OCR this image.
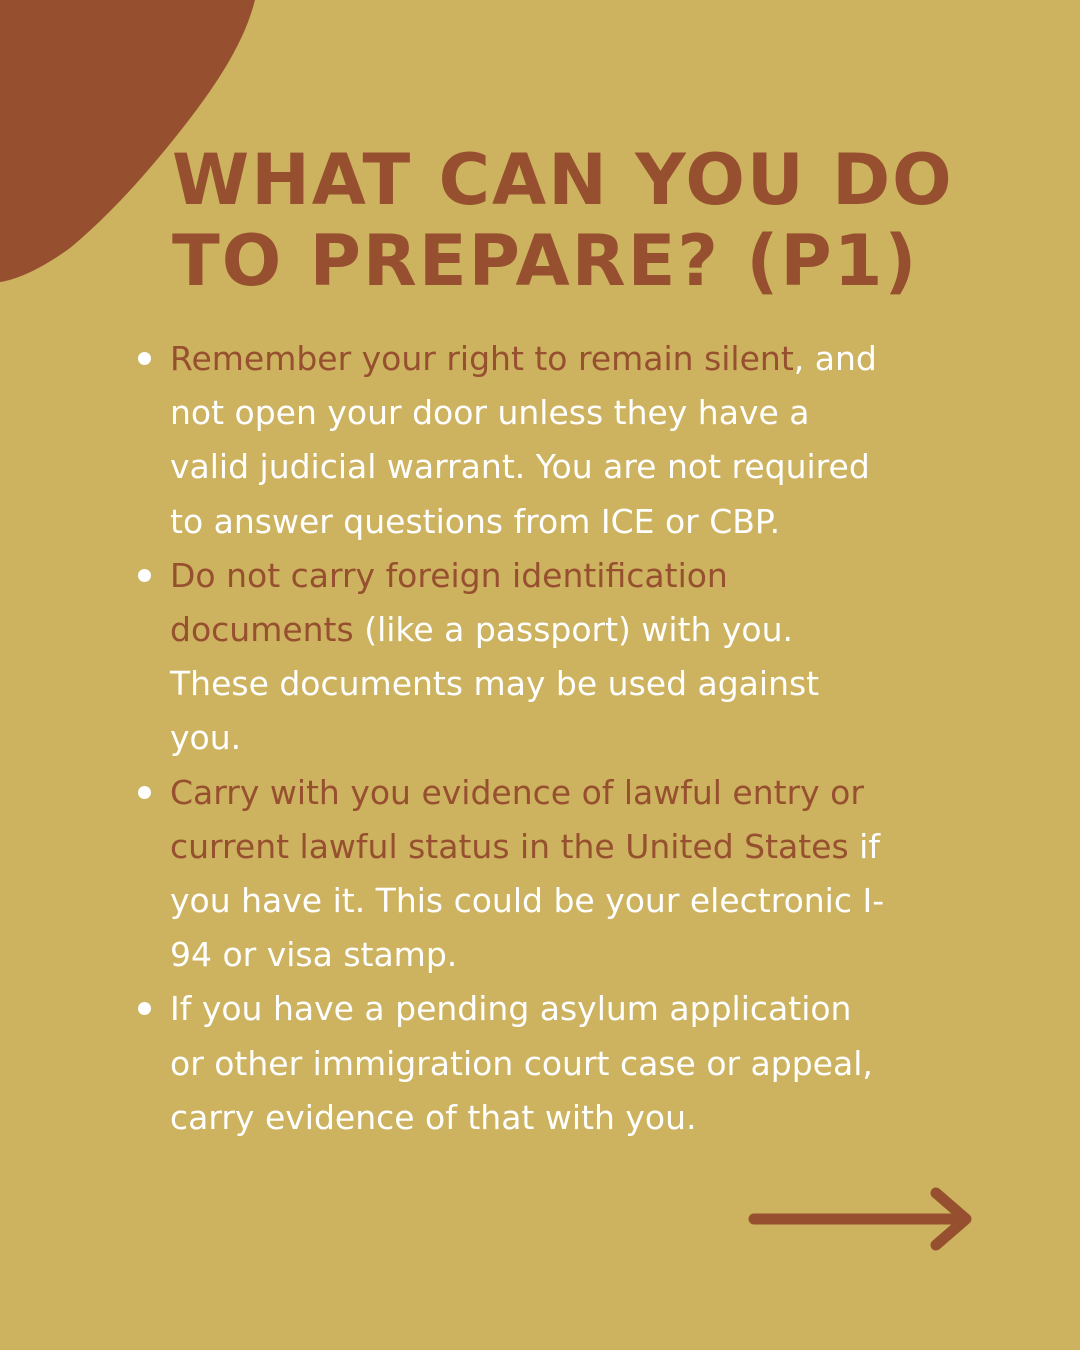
WHAT CAN YOU DO
TO PREPARE? (P1)
Remember your right to remain silent, and
not open your door unless they have a
valid judicial warrant. You are not required
to answer questions from ICE or CBP.
Do not carry foreign identification
documents (like a passport) with you.
These documents may be used against
you.
Carry with you evidence of lawful entry or
current lawful status in the United States if
you have it. This could be your electronic I-
94 or visa stamp.
If you have a pending asylum application
or other immigration court case or appeal,
carry evidence of that with you.
